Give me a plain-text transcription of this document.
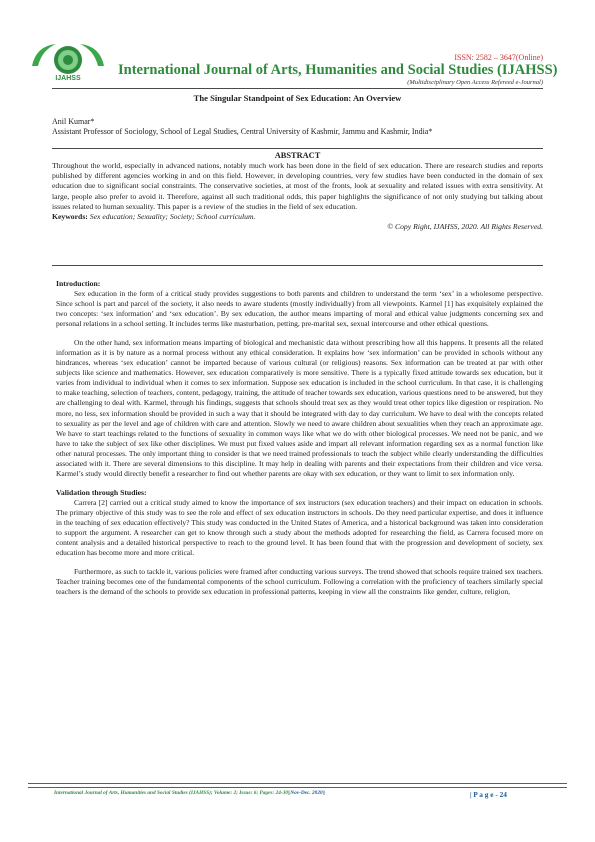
IJAHSS
ISSN: 2582 – 3647(Online)
International Journal of Arts, Humanities and Social Studies (IJAHSS)
(Multidisciplinary Open Access Refereed e-Journal)
The Singular Standpoint of Sex Education: An Overview
Anil Kumar*
Assistant Professor of Sociology, School of Legal Studies, Central University of Kashmir, Jammu and Kashmir, India*
ABSTRACT

Throughout the world, especially in advanced nations, notably much work has been done in the field of sex education. There are research studies and reports published by different agencies working in and on this field. However, in developing countries, very few studies have been conducted in the domain of sex education due to significant social constraints. The conservative societies, at most of the fronts, look at sexuality and related issues with extra sensitivity. At large, people also prefer to avoid it. Therefore, against all such traditional odds, this paper highlights the significance of not only studying but talking about issues related to human sexuality. This paper is a review of the studies in the field of sex education.

Keywords: Sex education; Sexuality; Society; School curriculum.

© Copy Right, IJAHSS, 2020. All Rights Reserved.

Introduction:

Sex education in the form of a critical study provides suggestions to both parents and children to understand the term ‘sex’ in a wholesome perspective. Since school is part and parcel of the society, it also needs to aware students (mostly individually) from all viewpoints. Karmel [1] has exquisitely explained the two concepts: ‘sex information’ and ‘sex education’. By sex education, the author means imparting of moral and ethical value judgments concerning sex and personal relations in a school setting. It includes terms like masturbation, petting, pre-marital sex, sexual intercourse and other ethical questions.

On the other hand, sex information means imparting of biological and mechanistic data without prescribing how all this happens. It presents all the related information as it is by nature as a normal process without any ethical consideration. It explains how ‘sex information’ can be provided in schools without any hindrances, whereas ‘sex education’ cannot be imparted because of various cultural (or religious) reasons. Sex information can be treated at par with other subjects like science and mathematics. However, sex education comparatively is more sensitive. There is a typically fixed attitude towards sex education, but it varies from individual to individual when it comes to sex information. Suppose sex education is included in the school curriculum. In that case, it is challenging to make teaching, selection of teachers, content, pedagogy, training, the attitude of teacher towards sex education, various questions need to be answered, but they are challenging to deal with. Karmel, through his findings, suggests that schools should treat sex as they would treat other topics like digestion or respiration. No more, no less, sex information should be provided in such a way that it should be integrated with day to day curriculum. We have to deal with the concepts related to sexuality as per the level and age of children with care and attention. Slowly we need to aware children about sexualities when they reach an approximate age. We have to start teachings related to the functions of sexuality in common ways like what we do with other biological processes. We need not be panic, and we have to take the subject of sex like other disciplines. We must put fixed values aside and impart all relevant information regarding sex as a normal function like other natural processes. The only important thing to consider is that we need trained professionals to teach the subject while clearly understanding the difficulties associated with it. There are several dimensions to this discipline. It may help in dealing with parents and their expectations from their children and vice versa. Karmel’s study would directly benefit a researcher to find out whether parents are okay with sex education, or they want to limit to sex information only.

Validation through Studies:

Carrera [2] carried out a critical study aimed to know the importance of sex instructors (sex education teachers) and their impact on education in schools. The primary objective of this study was to see the role and effect of sex education instructors in schools. Do they need particular expertise, and does it influence in the teaching of sex education effectively? This study was conducted in the United States of America, and a historical background was taken into consideration to support the argument. A researcher can get to know through such a study about the methods adopted for researching the field, as Carrera focused more on content analysis and a detailed historical perspective to reach to the ground level. It has been found that with the progression and development of society, sex education has become more and more critical.

Furthermore, as such to tackle it, various policies were framed after conducting various surveys. The trend showed that schools require trained sex teachers. Teacher training becomes one of the fundamental components of the school curriculum. Following a correlation with the proficiency of teachers similarly special teachers is the demand of the schools to provide sex education in professional patterns, keeping in view all the constraints like gender, culture, religion,

International Journal of Arts, Humanities and Social Studies (IJAHSS); Volume: 2; Issue: 6; Pages: 24-30||Nov-Dec. 2020||	| P a g e - 24
